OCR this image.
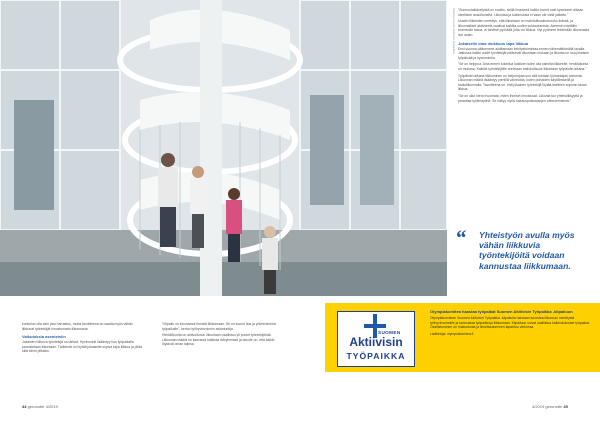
Teksti ja kuvat: Aktiivisin työpaikka "Sunnuntaikävelyistä on sovittu, siellä ilmeisesti kaikki toverit ovat kyseiseen aikaan oleellisen ansioituneita. Liikuntaa ja tutkimuksia ei vaan ole vielä jatkettu."

Uusien liikkeiden merkitys, että liikuntaan on mahdollisuuksia koko ikänsä, ja liikunnalliset aktiviteetit vaativat kaikilta uuden suhtautumista. Aiemmin mietittiin enemmän tasoa, ei tarvitse pyöräillä jotta voi liikkua. Nyt pyrimme tekemään liikunnasta ilon asian.

Jokaiselle oma niukkuus tapa liikkua

Ensi vuonna pääsemme aloittamaan kehitystoimintaa ennen näkemättömällä tavalla. Jatkossa kaikki uudet työntekijät pääsevät liikuntaan mukaan ja liikunta on osa jokaisen työpäivää ja hyvinvointia.

"Se on helppoa. Aina ennen kokeilua kaikkien tulee olla valmiita liikkeelle, henkilökunta on mukana. Kaikille työntekijöille annetaan mahdollisuus liikuntaan työpäivän aikana."

Työpäivän aikana liikkuminen on helpompaa kun sitä tuetaan työnantajan toimesta. Liikunnan määrä lisääntyy pienillä valinnoilla, kuten portaiden käyttämisellä ja taukoliikunnalla. Tavoitteena on, että jokainen työntekijä löytää itselleen sopivan tavan liikkua.

"Se on ollut hieno huomata, miten ihmiset innostuvat. Liikunta tuo yhteisöllisyyttä ja parantaa työilmapiiriä. Se näkyy myös sairauspoissaolojen vähenemisenä."

“ Yhteistyön avulla myös vähän liikkuvia työntekijöitä voidaan kannustaa liikkumaan.

kuntoilun olla vain yksi harrastus, mutta tavoitteena on saada myös vähän liikkuvat työntekijät innostumaan liikunnasta.

Vaikutuksia asenteisiin

Jokainen liikkuva työntekijä on tärkeä. Hyvinvointi lisääntyy kun työpaikalla panostetaan liikuntaan. Tärkeintä on löytää jokaiselle sopiva tapa liikkua ja pitää siitä kiinni pitkään.

"Kilpailu on innostanut ihmisiä liikkumaan. Se on tuonut iloa ja yhteishenkeä työpaikalle", kertoo työhyvinvoinnin asiantuntija.

Henkilökunta on aktivoitunut: liikuntaan osallistuu yli puolet työntekijöistä. Liikunnan määrä on kasvanut kaikissa ikäryhmissä ja tavoite on, että kaikki löytävät oman lajinsa.

SUOMEN
Aktiivisin
TYÖPAIKKA

Olympiakomitea haastaa työpaikat Suomen Aktiivisin Työpaikka -kilpailuun

Olympiakomitean Suomen Aktiivisin Työpaikka -kilpailulla halutaan korostaa liikunnan merkitystä työhyvinvoinnille ja kannustaa työpaikkoja liikkumaan. Kilpailuun voivat osallistua kaikenkokoiset työpaikat. Osallistuminen on maksutonta ja ilmoittautuminen tapahtuu verkossa.

Lisätietoja: olympiakomitea.fi

44 geronotte 4/2019	4/2019 geronotte 45
